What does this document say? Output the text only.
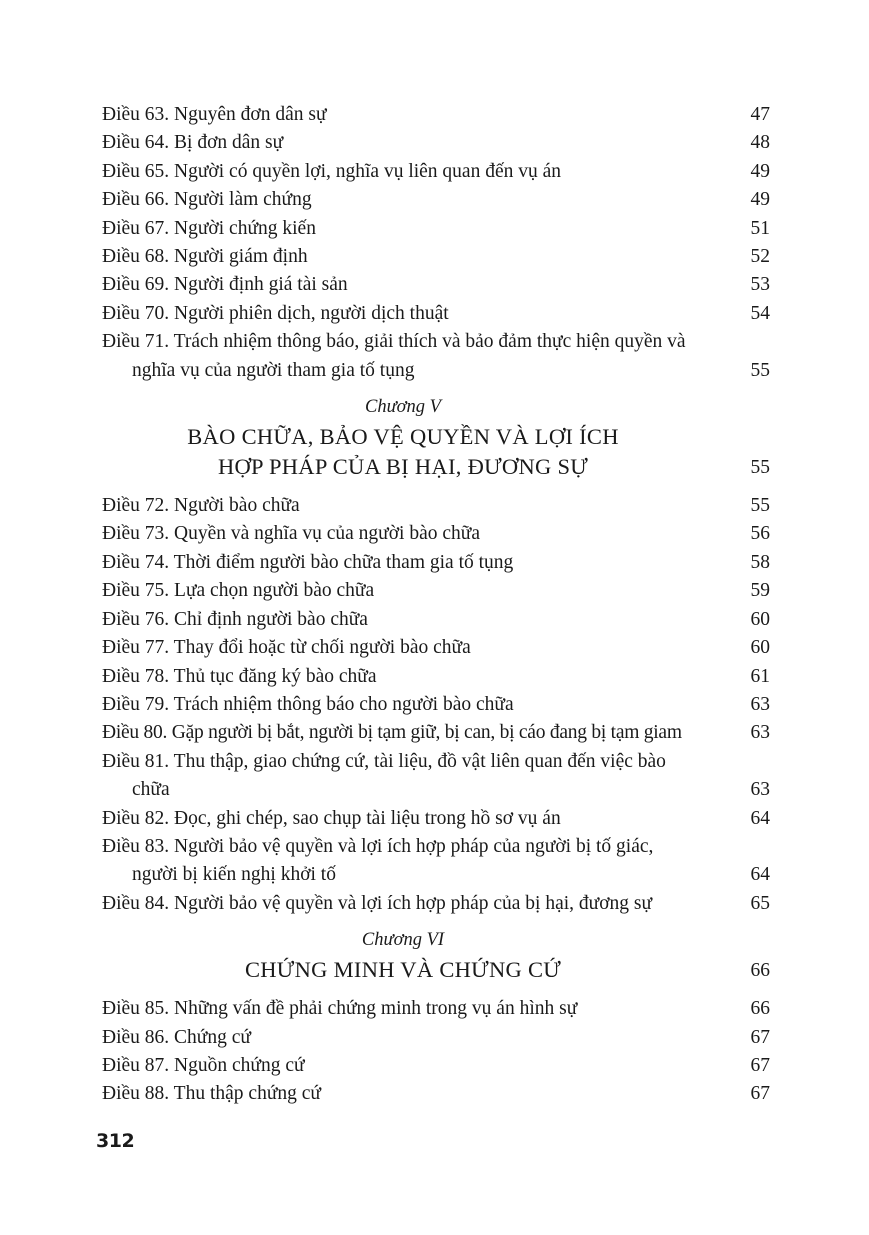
Điều 63. Nguyên đơn dân sự	47
Điều 64. Bị đơn dân sự	48
Điều 65. Người có quyền lợi, nghĩa vụ liên quan đến vụ án	49
Điều 66. Người làm chứng	49
Điều 67. Người chứng kiến	51
Điều 68. Người giám định	52
Điều 69. Người định giá tài sản	53
Điều 70. Người phiên dịch, người dịch thuật	54
Điều 71. Trách nhiệm thông báo, giải thích và bảo đảm thực hiện quyền và nghĩa vụ của người tham gia tố tụng	55
Chương V
BÀO CHỮA, BẢO VỆ QUYỀN VÀ LỢI ÍCH
HỢP PHÁP CỦA BỊ HẠI, ĐƯƠNG SỰ	55
Điều 72. Người bào chữa	55
Điều 73. Quyền và nghĩa vụ của người bào chữa	56
Điều 74. Thời điểm người bào chữa tham gia tố tụng	58
Điều 75. Lựa chọn người bào chữa	59
Điều 76. Chỉ định người bào chữa	60
Điều 77. Thay đổi hoặc từ chối người bào chữa	60
Điều 78. Thủ tục đăng ký bào chữa	61
Điều 79. Trách nhiệm thông báo cho người bào chữa	63
Điều 80. Gặp người bị bắt, người bị tạm giữ, bị can, bị cáo đang bị tạm giam	63
Điều 81. Thu thập, giao chứng cứ, tài liệu, đồ vật liên quan đến việc bào chữa	63
Điều 82. Đọc, ghi chép, sao chụp tài liệu trong hồ sơ vụ án	64
Điều 83. Người bảo vệ quyền và lợi ích hợp pháp của người bị tố giác, người bị kiến nghị khởi tố	64
Điều 84. Người bảo vệ quyền và lợi ích hợp pháp của bị hại, đương sự	65
Chương VI
CHỨNG MINH VÀ CHỨNG CỨ	66
Điều 85. Những vấn đề phải chứng minh trong vụ án hình sự	66
Điều 86. Chứng cứ	67
Điều 87. Nguồn chứng cứ	67
Điều 88. Thu thập chứng cứ	67
312
